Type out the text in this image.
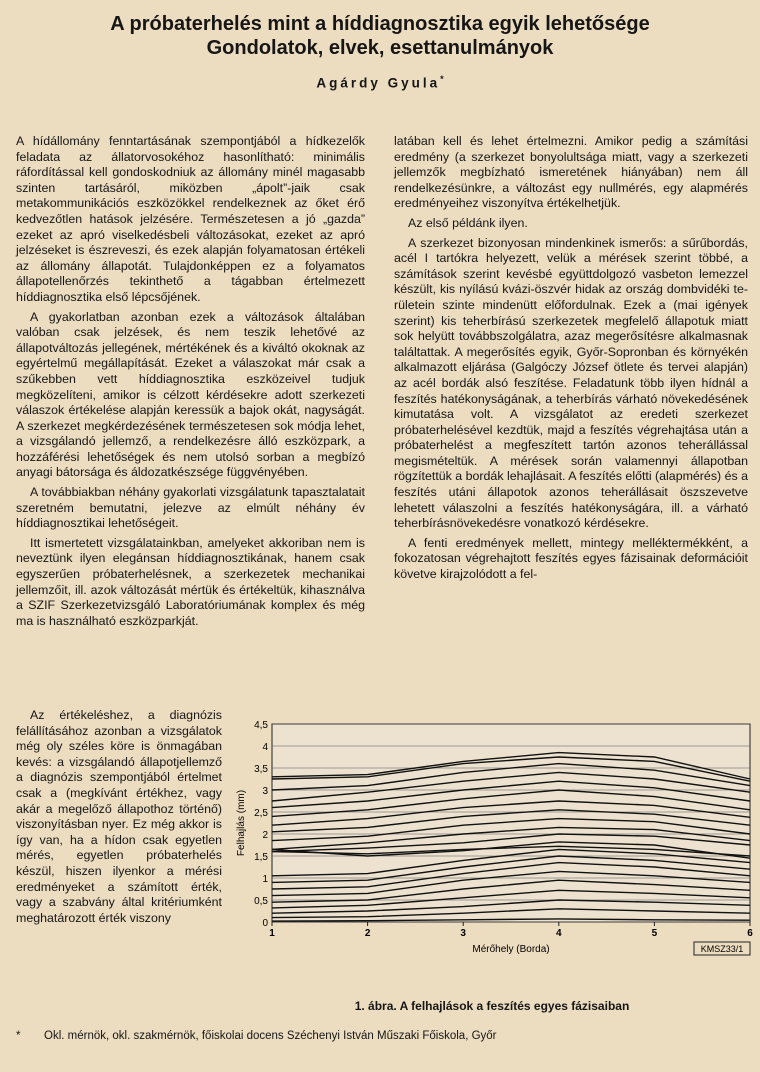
A próbaterhelés mint a híddiagnosztika egyik lehetősége
Gondolatok, elvek, esettanulmányok
Agárdy Gyula*

A hídállomány fenntartásának szempontjából a hídkezelők feladata az állatorvosokéhoz hasonlítható: minimális ráfordítással kell gondoskodniuk az állomány minél magasabb szinten tartásáról, miközben „ápolt”-jaik csak metakommunikációs eszközökkel rendelkeznek az őket érő kedvezőtlen hatások jelzésére. Természetesen a jó „gazda” ezeket az apró viselkedésbeli változásokat, ezeket az apró jelzéseket is észreveszi, és ezek alapján folyamatosan értékeli az állomány állapotát. Tulajdonképpen ez a folyamatos állapotellenőrzés tekinthető a tágabban értelmezett híddiagnosztika első lépcsőjének.

A gyakorlatban azonban ezek a változások általában valóban csak jelzések, és nem teszik lehetővé az állapotváltozás jellegének, mértékének és a kiváltó okoknak az egyértelmű megállapítását. Ezeket a válaszokat már csak a szűkebben vett híddiagnosztika eszközeivel tudjuk megközelíteni, amikor is célzott kérdésekre adott szerkezeti válaszok értékelése alapján keressük a bajok okát, nagyságát. A szerkezet megkérdezésének természetesen sok módja lehet, a vizsgálandó jellemző, a rendelkezésre álló eszközpark, a hozzáférési lehetőségek és nem utolsó sorban a megbízó anyagi bátorsága és áldozatkészsége függvényében.

A továbbiakban néhány gyakorlati vizsgálatunk tapasztalatait szeretném bemutatni, jelezve az elmúlt néhány év híddiagnosztikai lehetőségeit.

Itt ismertetett vizsgálatainkban, amelyeket akkoriban nem is neveztünk ilyen elegánsan híddiagnosztikának, hanem csak egyszerűen próbaterhelésnek, a szerkezetek mechanikai jellemzőit, ill. azok változását mértük és értékeltük, kihasználva a SZIF Szerkezetvizsgáló Laboratóriumának komplex és még ma is használható eszközparkját.

Az értékeléshez, a diagnózis felállításához azonban a vizsgálatok még oly széles köre is önmagában kevés: a vizsgálandó állapotjellemző a diagnózis szempontjából értelmet csak a (megkívánt értékhez, vagy akár a megelőző állapothoz történő) viszonyításban nyer. Ez még akkor is így van, ha a hídon csak egyetlen mérés, egyetlen próbaterhelés készül, hiszen ilyenkor a mérési eredményeket a számított érték, vagy a szabvány által kritériumként meghatározott érték viszony

latában kell és lehet értelmezni. Amikor pedig a számítási eredmény (a szerkezet bonyolultsága miatt, vagy a szerkezeti jellemzők megbízható ismeretének hiányában) nem áll rendelkezésünkre, a változást egy nullmérés, egy alapmérés eredményeihez viszonyítva értékelhetjük.

Az első példánk ilyen.

A szerkezet bizonyosan mindenkinek ismerős: a sűrűbordás, acél I tartókra helyezett, velük a mérések szerint többé, a számítások szerint kevésbé együttdolgozó vasbeton lemezzel készült, kis nyílású kvázi-öszvér hidak az ország dombvidéki területein szinte mindenütt előfordulnak. Ezek a (mai igények szerint) kis teherbírású szerkezetek megfelelő állapotuk miatt sok helyütt továbbszolgálatra, azaz megerősítésre alkalmasnak találtattak. A megerősítés egyik, Győr-Sopronban és környékén alkalmazott eljárása (Galgóczy József ötlete és tervei alapján) az acél bordák alsó feszítése. Feladatunk több ilyen hídnál a feszítés hatékonyságának, a teherbírás várható növekedésének kimutatása volt. A vizsgálatot az eredeti szerkezet próbaterhelésével kezdtük, majd a feszítés végrehajtása után a próbaterhelést a megfeszített tartón azonos teherállással megismételtük. A mérések során valamennyi állapotban rögzítettük a bordák lehajlásait. A feszítés előtti (alapmérés) és a feszítés utáni állapotok azonos teherállásait öszszevetve lehetett válaszolni a feszítés hatékonyságára, ill. a várható teherbírásnövekedésre vonatkozó kérdésekre.

A fenti eredmények mellett, mintegy melléktermékként, a fokozatosan végrehajtott feszítés egyes fázisainak deformációit követve kirajzolódott a fel-

0
0,5
1
1,5
2
2,5
3
3,5
4
4,5
1	2	3	4	5	6
Felhajlás (mm)
Mérőhely (Borda)	KMSZ33/1
1. ábra. A felhajlások a feszítés egyes fázisaiban
* Okl. mérnök, okl. szakmérnök, főiskolai docens Széchenyi István Műszaki Főiskola, Győr
